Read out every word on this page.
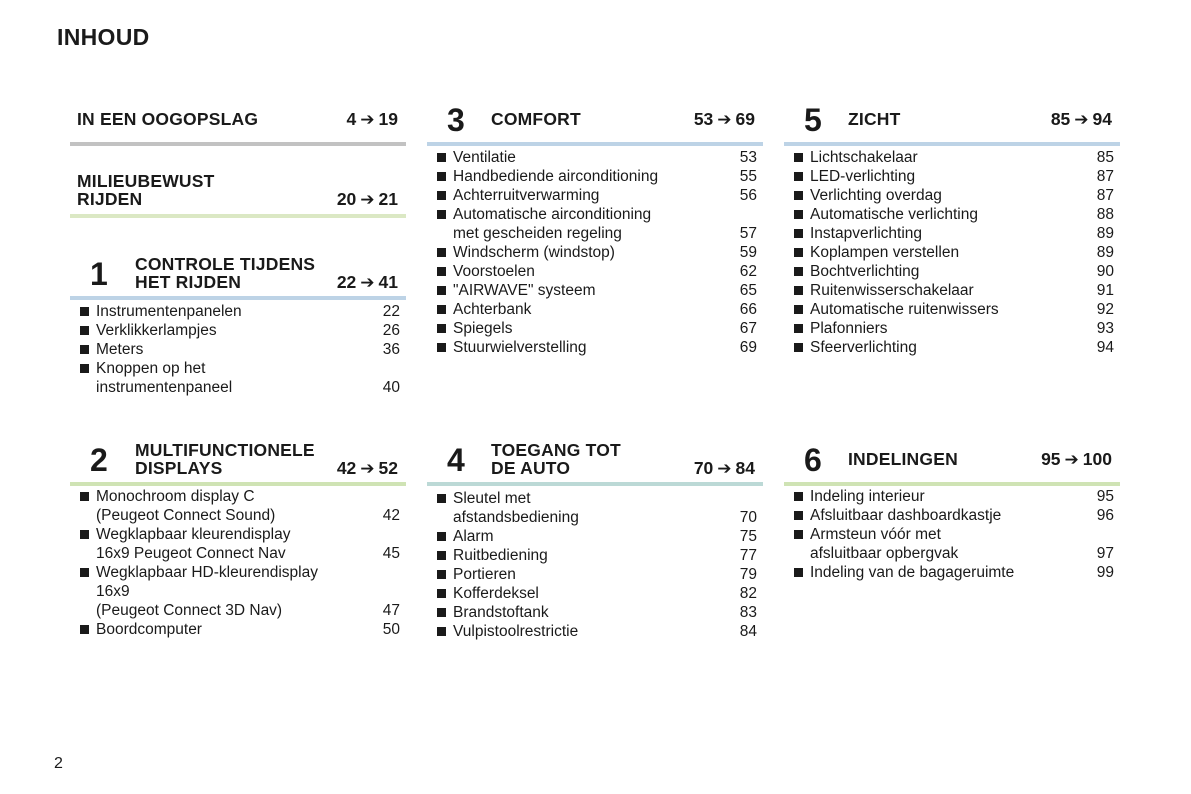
INHOUD
IN EEN OOGOPSLAG	4 ➔ 19
MILIEUBEWUST
RIJDEN	20 ➔ 21
1 CONTROLE TIJDENS
HET RIJDEN	22 ➔ 41
Instrumentenpanelen	22
Verklikkerlampjes	26
Meters	36
Knoppen op het
instrumentenpaneel	40
2 MULTIFUNCTIONELE
DISPLAYS	42 ➔ 52
Monochroom display C
(Peugeot Connect Sound)	42
Wegklapbaar kleurendisplay
16x9 Peugeot Connect Nav	45
Wegklapbaar HD-kleurendisplay
16x9
(Peugeot Connect 3D Nav)	47
Boordcomputer	50
3 COMFORT	53 ➔ 69
Ventilatie	53
Handbediende airconditioning	55
Achterruitverwarming	56
Automatische airconditioning
met gescheiden regeling	57
Windscherm (windstop)	59
Voorstoelen	62
"AIRWAVE" systeem	65
Achterbank	66
Spiegels	67
Stuurwielverstelling	69
4 TOEGANG TOT
DE AUTO	70 ➔ 84
Sleutel met
afstandsbediening	70
Alarm	75
Ruitbediening	77
Portieren	79
Kofferdeksel	82
Brandstoftank	83
Vulpistoolrestrictie	84
5 ZICHT	85 ➔ 94
Lichtschakelaar	85
LED-verlichting	87
Verlichting overdag	87
Automatische verlichting	88
Instapverlichting	89
Koplampen verstellen	89
Bochtverlichting	90
Ruitenwisserschakelaar	91
Automatische ruitenwissers	92
Plafonniers	93
Sfeerverlichting	94
6 INDELINGEN	95 ➔ 100
Indeling interieur	95
Afsluitbaar dashboardkastje	96
Armsteun vóór met
afsluitbaar opbergvak	97
Indeling van de bagageruimte	99
2
